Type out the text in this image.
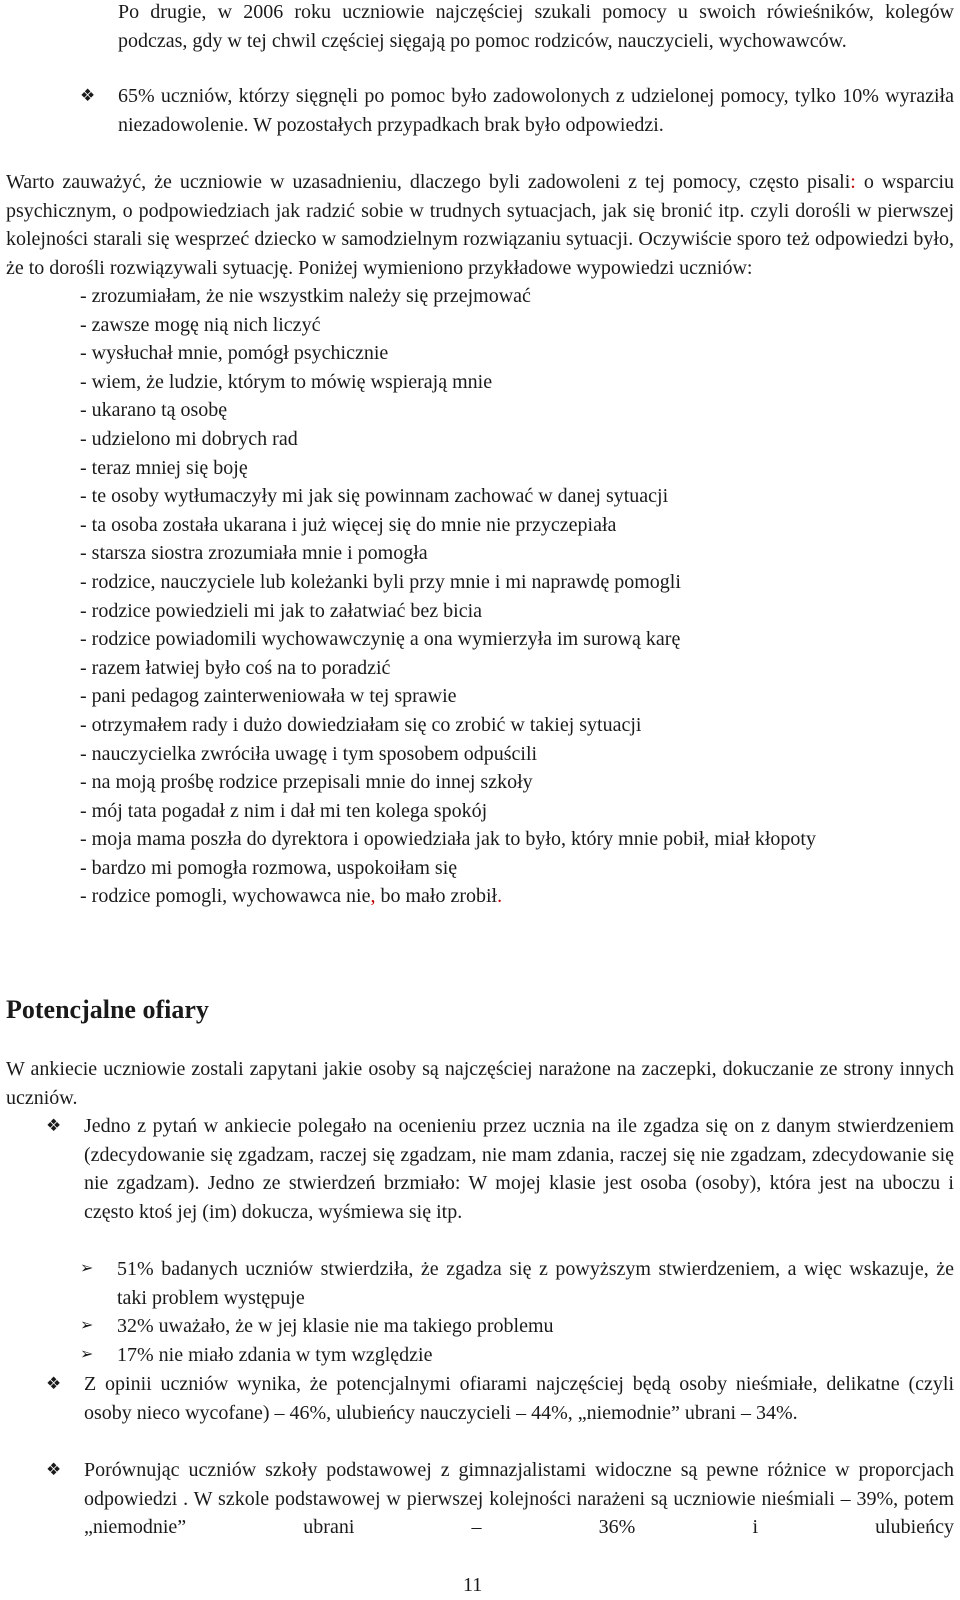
Po drugie, w 2006 roku uczniowie najczęściej szukali pomocy u swoich rówieśników, kolegów podczas, gdy w tej chwil częściej sięgają po pomoc rodziców, nauczycieli, wychowawców.

❖	65% uczniów, którzy sięgnęli po pomoc było zadowolonych z udzielonej pomocy, tylko 10% wyraziła niezadowolenie. W pozostałych przypadkach brak było odpowiedzi.

Warto zauważyć, że uczniowie w uzasadnieniu, dlaczego byli zadowoleni z tej pomocy, często pisali: o wsparciu psychicznym, o podpowiedziach jak radzić sobie w trudnych sytuacjach, jak się bronić itp. czyli dorośli w pierwszej kolejności starali się wesprzeć dziecko w samodzielnym rozwiązaniu sytuacji. Oczywiście sporo też odpowiedzi było, że to dorośli rozwiązywali sytuację. Poniżej wymieniono przykładowe wypowiedzi uczniów:

- zrozumiałam, że nie wszystkim należy się przejmować
- zawsze mogę nią nich liczyć
- wysłuchał mnie, pomógł psychicznie
- wiem, że ludzie, którym to mówię wspierają mnie
- ukarano tą osobę
- udzielono mi dobrych rad
- teraz mniej się boję
- te osoby wytłumaczyły mi jak się powinnam zachować w danej sytuacji
- ta osoba została ukarana i już więcej się do mnie nie przyczepiała
- starsza siostra zrozumiała mnie i pomogła
- rodzice, nauczyciele lub koleżanki byli przy mnie i mi naprawdę pomogli
- rodzice powiedzieli mi jak to załatwiać bez bicia
- rodzice powiadomili wychowawczynię a ona wymierzyła im surową karę
- razem łatwiej było coś na to poradzić
- pani pedagog zainterweniowała w tej sprawie
- otrzymałem rady i dużo dowiedziałam się co zrobić w takiej sytuacji
- nauczycielka zwróciła uwagę i tym sposobem odpuścili
- na moją prośbę rodzice przepisali mnie do innej szkoły
- mój tata pogadał z nim i dał mi ten kolega spokój
- moja mama poszła do dyrektora i opowiedziała jak to było, który mnie pobił, miał kłopoty
- bardzo mi pomogła rozmowa, uspokoiłam się
- rodzice pomogli, wychowawca nie, bo mało zrobił.
Potencjalne ofiary

W ankiecie uczniowie zostali zapytani jakie osoby są najczęściej narażone na zaczepki, dokuczanie ze strony innych uczniów.

❖	Jedno z pytań w ankiecie polegało na ocenieniu przez ucznia na ile zgadza się on z danym stwierdzeniem (zdecydowanie się zgadzam, raczej się zgadzam, nie mam zdania, raczej się nie zgadzam, zdecydowanie się nie zgadzam). Jedno ze stwierdzeń brzmiało: W mojej klasie jest osoba (osoby), która jest na uboczu i często ktoś jej (im) dokucza, wyśmiewa się itp.

➢	51% badanych uczniów stwierdziła, że zgadza się z powyższym stwierdzeniem, a więc wskazuje, że taki problem występuje

➢	32% uważało, że w jej klasie nie ma takiego problemu

➢	17% nie miało zdania w tym względzie

❖	Z opinii uczniów wynika, że potencjalnymi ofiarami najczęściej będą osoby nieśmiałe, delikatne (czyli osoby nieco wycofane) – 46%, ulubieńcy nauczycieli – 44%, „niemodnie” ubrani – 34%.

❖	Porównując uczniów szkoły podstawowej z gimnazjalistami widoczne są pewne różnice w proporcjach odpowiedzi . W szkole podstawowej w pierwszej kolejności narażeni są uczniowie nieśmiali – 39%, potem „niemodnie” ubrani – 36% i ulubieńcy

11
